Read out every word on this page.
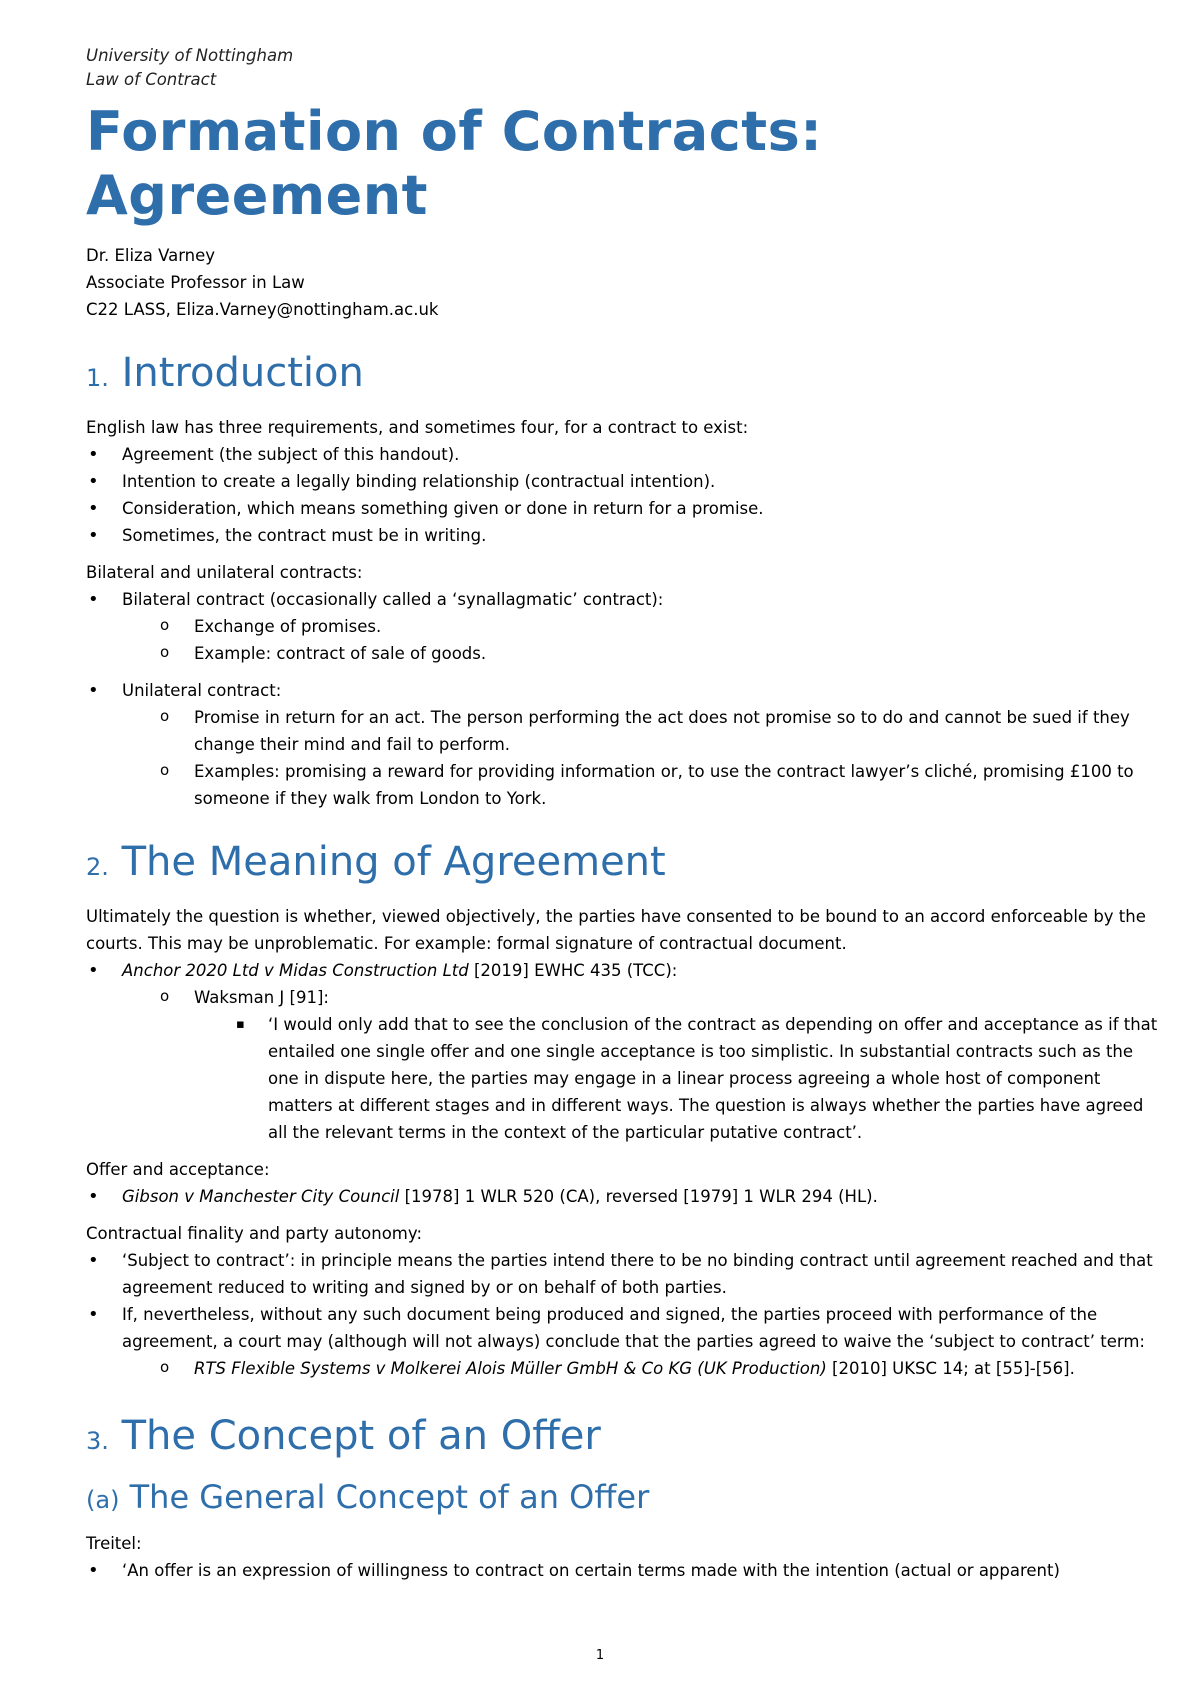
University of Nottingham
Law of Contract
Formation of Contracts:
Agreement
Dr. Eliza Varney
Associate Professor in Law
C22 LASS, Eliza.Varney@nottingham.ac.uk
1. Introduction

English law has three requirements, and sometimes four, for a contract to exist:

• Agreement (the subject of this handout).
• Intention to create a legally binding relationship (contractual intention).
• Consideration, which means something given or done in return for a promise.
• Sometimes, the contract must be in writing.

Bilateral and unilateral contracts:

• Bilateral contract (occasionally called a ‘synallagmatic’ contract):
o Exchange of promises.
o Example: contract of sale of goods.
• Unilateral contract:
o Promise in return for an act. The person performing the act does not promise so to do and cannot be sued if they change their mind and fail to perform.
o Examples: promising a reward for providing information or, to use the contract lawyer’s cliché, promising £100 to someone if they walk from London to York.
2. The Meaning of Agreement

Ultimately the question is whether, viewed objectively, the parties have consented to be bound to an accord enforceable by the courts. This may be unproblematic. For example: formal signature of contractual document.

• Anchor 2020 Ltd v Midas Construction Ltd [2019] EWHC 435 (TCC):
o Waksman J [91]:
▪ ‘I would only add that to see the conclusion of the contract as depending on offer and acceptance as if that entailed one single offer and one single acceptance is too simplistic. In substantial contracts such as the one in dispute here, the parties may engage in a linear process agreeing a whole host of component matters at different stages and in different ways. The question is always whether the parties have agreed all the relevant terms in the context of the particular putative contract’.

Offer and acceptance:

• Gibson v Manchester City Council [1978] 1 WLR 520 (CA), reversed [1979] 1 WLR 294 (HL).

Contractual finality and party autonomy:

• ‘Subject to contract’: in principle means the parties intend there to be no binding contract until agreement reached and that agreement reduced to writing and signed by or on behalf of both parties.
• If, nevertheless, without any such document being produced and signed, the parties proceed with performance of the agreement, a court may (although will not always) conclude that the parties agreed to waive the ‘subject to contract’ term:
o RTS Flexible Systems v Molkerei Alois Müller GmbH & Co KG (UK Production) [2010] UKSC 14; at [55]-[56].
3. The Concept of an Offer
(a) The General Concept of an Offer

Treitel:

• ‘An offer is an expression of willingness to contract on certain terms made with the intention (actual or apparent)
1
